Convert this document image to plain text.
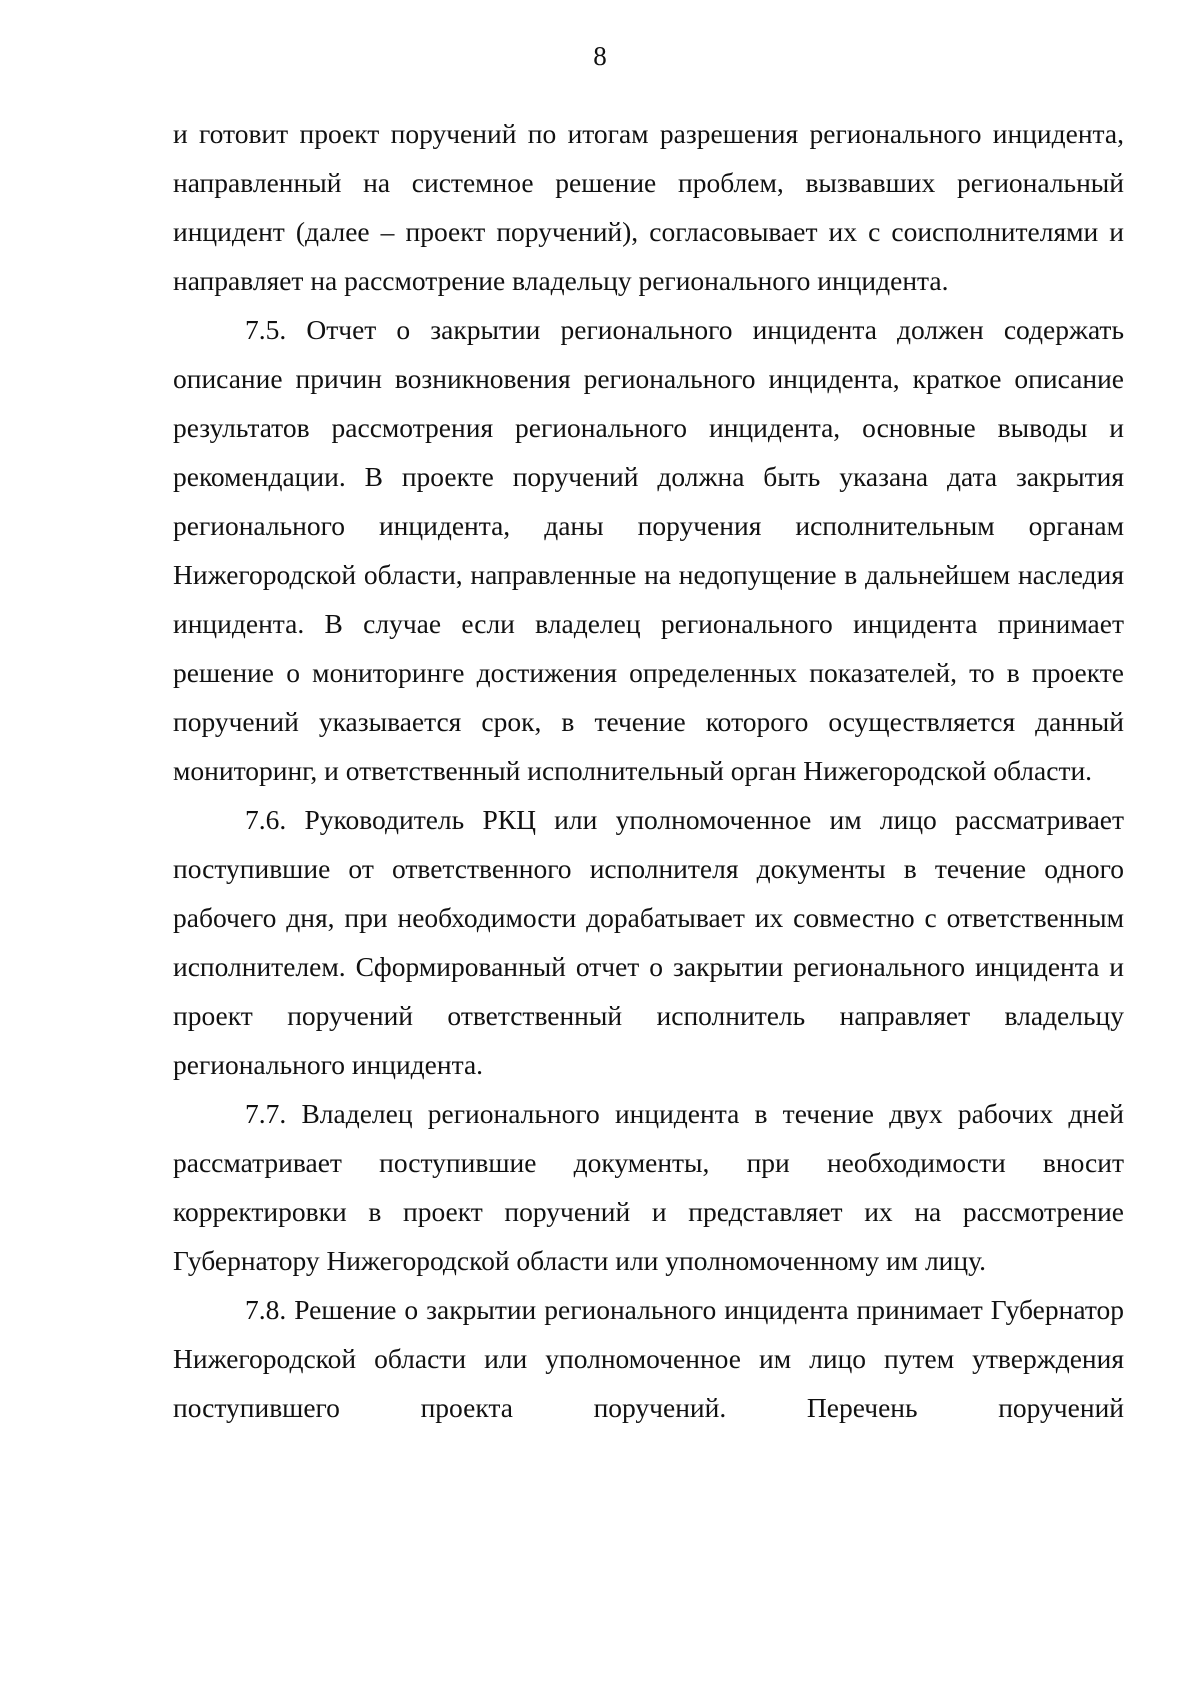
8

и готовит проект поручений по итогам разрешения регионального инцидента, направленный на системное решение проблем, вызвавших региональный инцидент (далее – проект поручений), согласовывает их с соисполнителями и направляет на рассмотрение владельцу регионального инцидента.

7.5. Отчет о закрытии регионального инцидента должен содержать описание причин возникновения регионального инцидента, краткое описание результатов рассмотрения регионального инцидента, основные выводы и рекомендации. В проекте поручений должна быть указана дата закрытия регионального инцидента, даны поручения исполнительным органам Нижегородской области, направленные на недопущение в дальнейшем наследия инцидента. В случае если владелец регионального инцидента принимает решение о мониторинге достижения определенных показателей, то в проекте поручений указывается срок, в течение которого осуществляется данный мониторинг, и ответственный исполнительный орган Нижегородской области.

7.6. Руководитель РКЦ или уполномоченное им лицо рассматривает поступившие от ответственного исполнителя документы в течение одного рабочего дня, при необходимости дорабатывает их совместно с ответственным исполнителем. Сформированный отчет о закрытии регионального инцидента и проект поручений ответственный исполнитель направляет владельцу регионального инцидента.

7.7. Владелец регионального инцидента в течение двух рабочих дней рассматривает поступившие документы, при необходимости вносит корректировки в проект поручений и представляет их на рассмотрение Губернатору Нижегородской области или уполномоченному им лицу.

7.8. Решение о закрытии регионального инцидента принимает Губернатор Нижегородской области или уполномоченное им лицо путем утверждения поступившего проекта поручений. Перечень поручений
